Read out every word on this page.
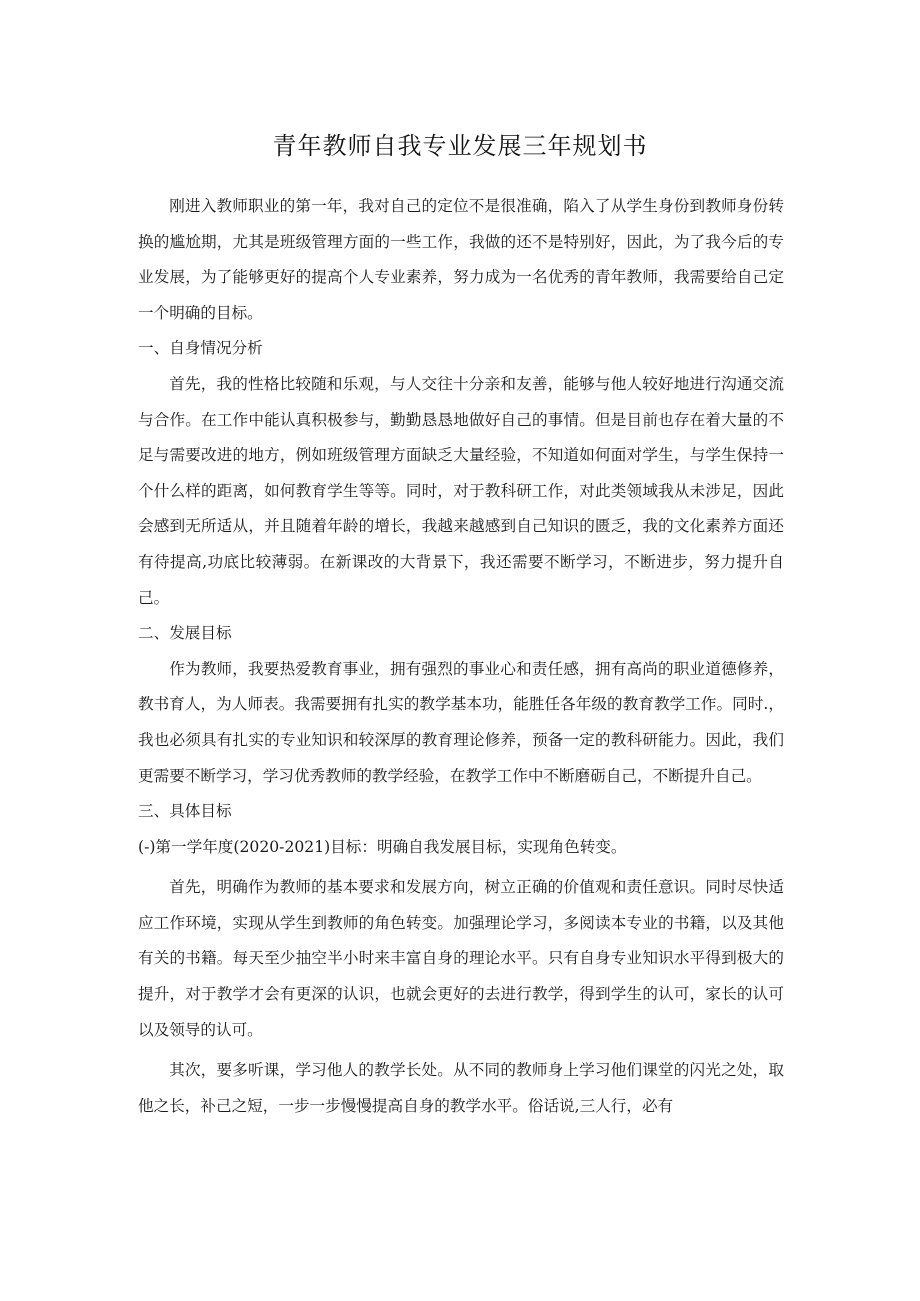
青年教师自我专业发展三年规划书

刚进入教师职业的第一年，我对自己的定位不是很准确，陷入了从学生身份到教师身份转换的尴尬期，尤其是班级管理方面的一些工作，我做的还不是特别好，因此，为了我今后的专业发展，为了能够更好的提高个人专业素养，努力成为一名优秀的青年教师，我需要给自己定一个明确的目标。

一、自身情况分析

首先，我的性格比较随和乐观，与人交往十分亲和友善，能够与他人较好地进行沟通交流与合作。在工作中能认真积极参与，勤勤恳恳地做好自己的事情。但是目前也存在着大量的不足与需要改进的地方，例如班级管理方面缺乏大量经验，不知道如何面对学生，与学生保持一个什么样的距离，如何教育学生等等。同时，对于教科研工作，对此类领域我从未涉足，因此会感到无所适从，并且随着年龄的增长，我越来越感到自己知识的匮乏，我的文化素养方面还有待提高,功底比较薄弱。在新课改的大背景下，我还需要不断学习，不断进步，努力提升自己。

二、发展目标

作为教师，我要热爱教育事业，拥有强烈的事业心和责任感，拥有高尚的职业道德修养，教书育人，为人师表。我需要拥有扎实的教学基本功，能胜任各年级的教育教学工作。同时.，我也必须具有扎实的专业知识和较深厚的教育理论修养，预备一定的教科研能力。因此，我们更需要不断学习，学习优秀教师的教学经验，在教学工作中不断磨砺自己，不断提升自己。

三、具体目标

(-)第一学年度(2020-2021)目标：明确自我发展目标，实现角色转变。

首先，明确作为教师的基本要求和发展方向，树立正确的价值观和责任意识。同时尽快适应工作环境，实现从学生到教师的角色转变。加强理论学习，多阅读本专业的书籍，以及其他有关的书籍。每天至少抽空半小时来丰富自身的理论水平。只有自身专业知识水平得到极大的提升，对于教学才会有更深的认识，也就会更好的去进行教学，得到学生的认可，家长的认可以及领导的认可。

其次，要多听课，学习他人的教学长处。从不同的教师身上学习他们课堂的闪光之处，取他之长，补己之短，一步一步慢慢提高自身的教学水平。俗话说,三人行，必有
